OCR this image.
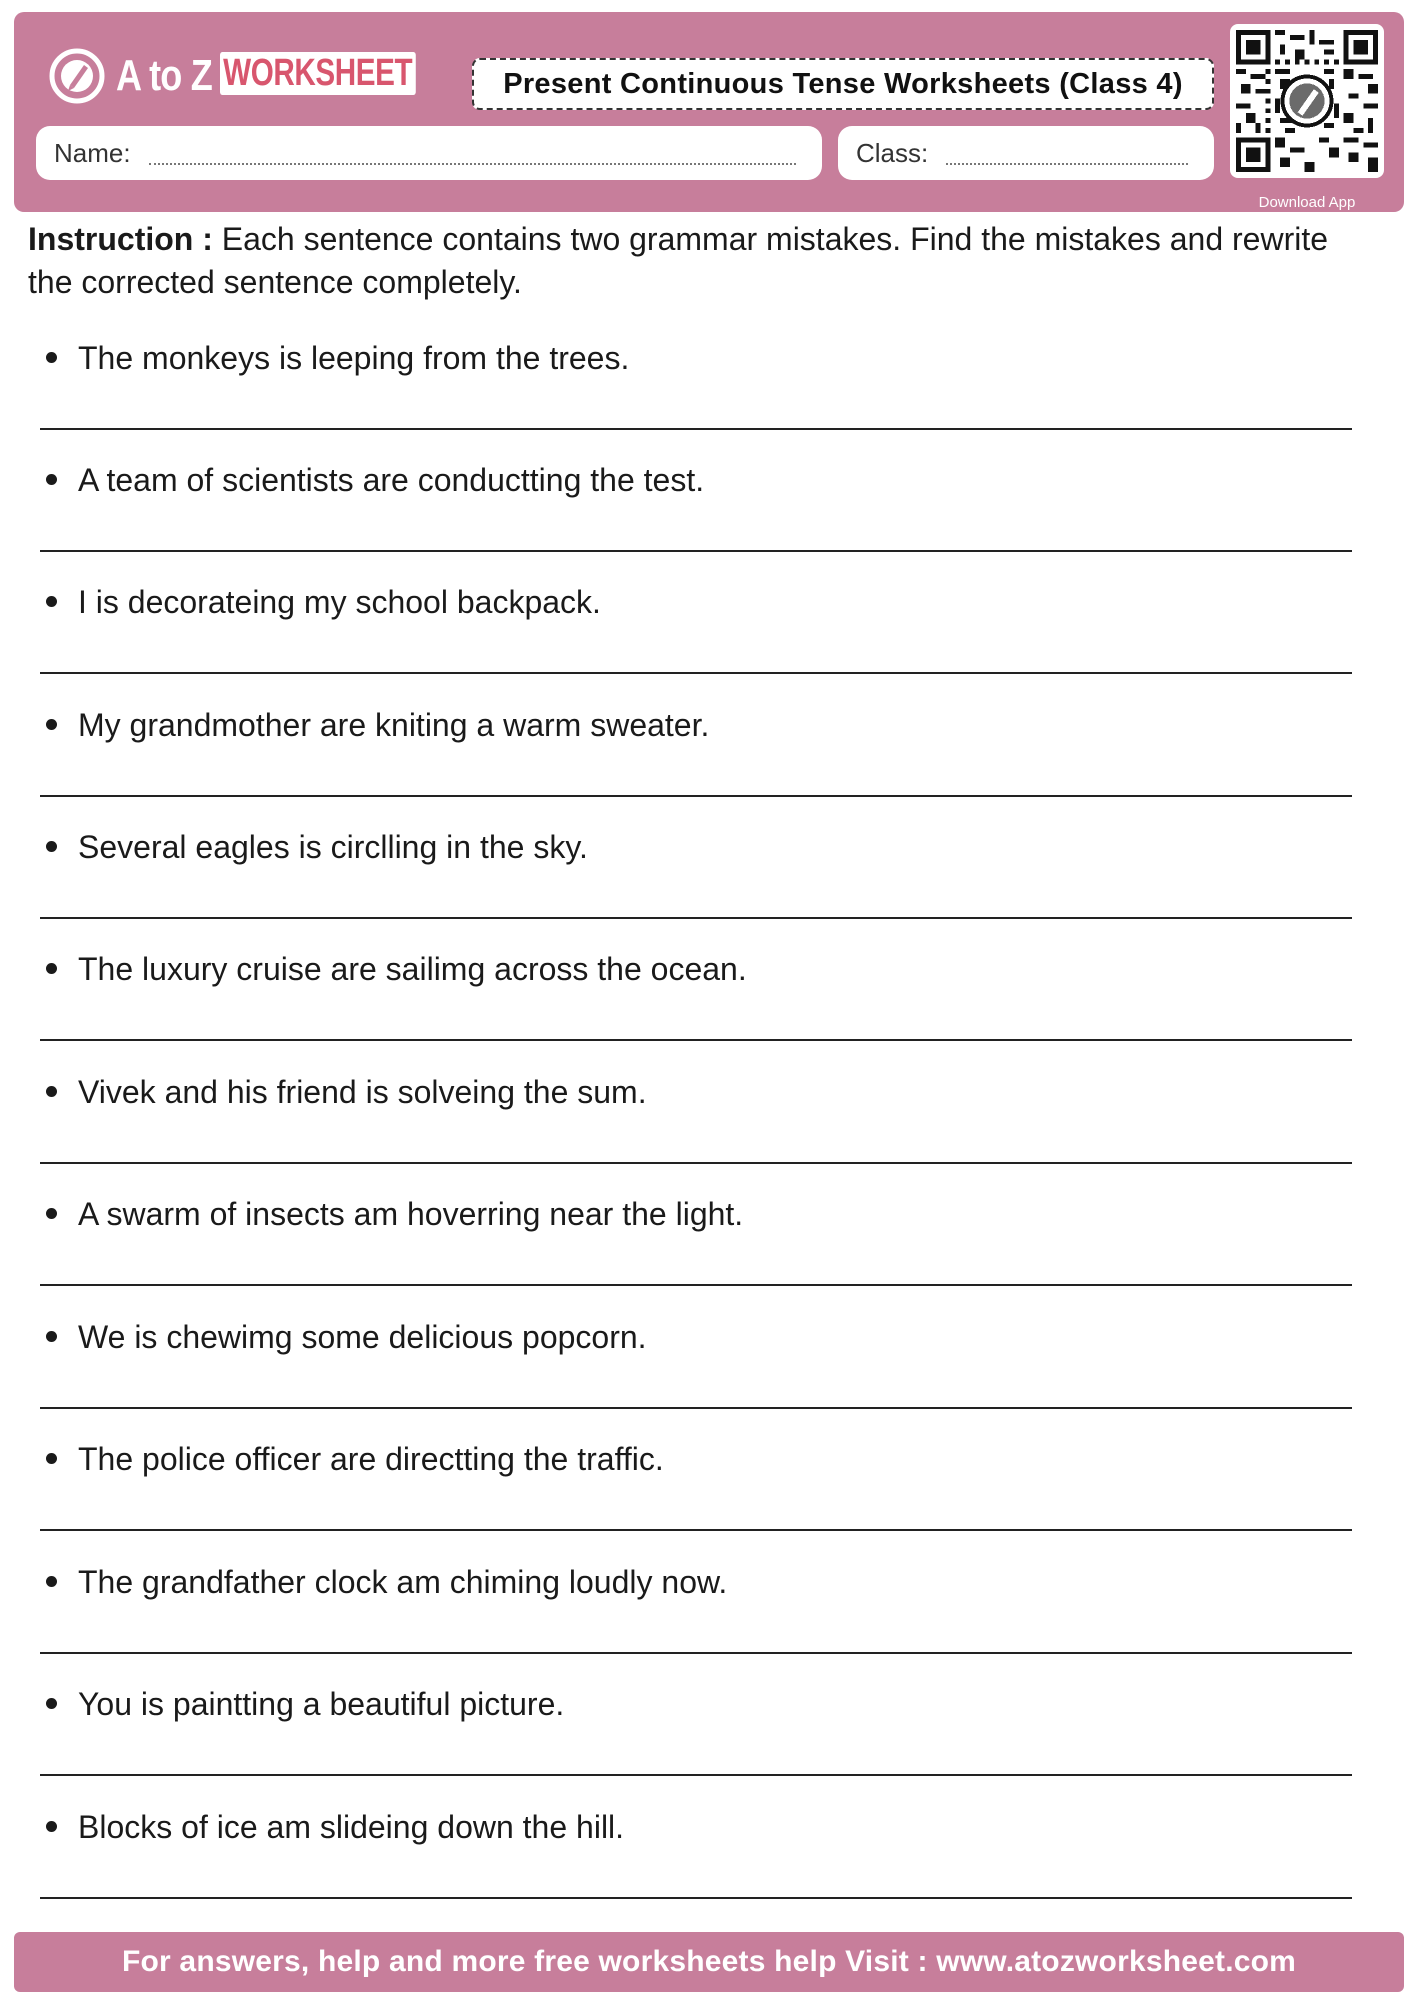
A to Z WORKSHEET	Present Continuous Tense Worksheets (Class 4)
Name:	Class:
Download App
Instruction : Each sentence contains two grammar mistakes. Find the mistakes and rewrite the corrected sentence completely.
The monkeys is leeping from the trees.
A team of scientists are conductting the test.
I is decorateing my school backpack.
My grandmother are kniting a warm sweater.
Several eagles is circlling in the sky.
The luxury cruise are sailimg across the ocean.
Vivek and his friend is solveing the sum.
A swarm of insects am hoverring near the light.
We is chewimg some delicious popcorn.
The police officer are directting the traffic.
The grandfather clock am chiming loudly now.
You is paintting a beautiful picture.
Blocks of ice am slideing down the hill.
For answers, help and more free worksheets help Visit : www.atozworksheet.com
